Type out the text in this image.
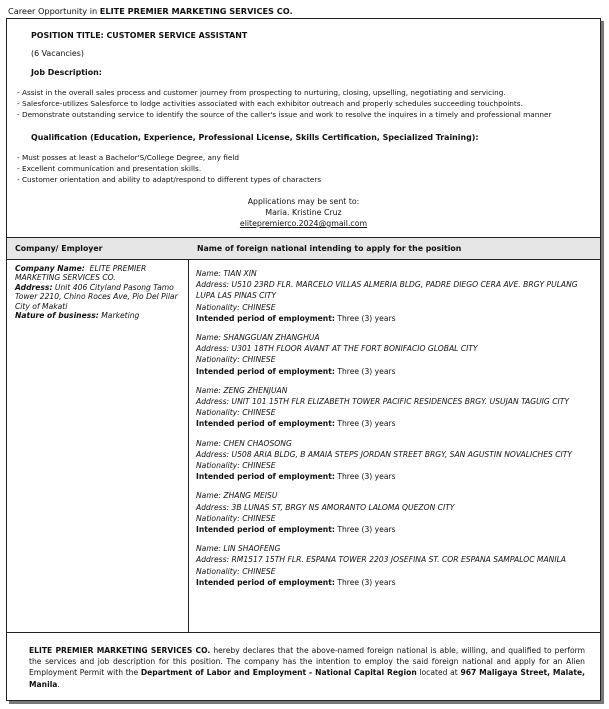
Career Opportunity in ELITE PREMIER MARKETING SERVICES CO.
POSITION TITLE: CUSTOMER SERVICE ASSISTANT
(6 Vacancies)
Job Description:
- Assist in the overall sales process and customer journey from prospecting to nurturing, closing, upselling, negotiating and servicing.
- Salesforce-utilizes Salesforce to lodge activities associated with each exhibitor outreach and properly schedules succeeding touchpoints.
- Demonstrate outstanding service to identify the source of the caller's issue and work to resolve the inquires in a timely and professional manner
Qualification (Education, Experience, Professional License, Skills Certification, Specialized Training):
- Must posses at least a Bachelor'S/College Degree, any field
- Excellent communication and presentation skills.
- Customer orientation and ability to adapt/respond to different types of characters
Applications may be sent to:
Maria. Kristine Cruz
elitepremierco.2024@gmail.com
Company/ Employer	Name of foreign national intending to apply for the position
Company Name: ELITE PREMIER MARKETING SERVICES CO.
Address: Unit 406 Cityland Pasong Tamo Tower 2210, Chino Roces Ave, Pio Del Pilar City of Makati
Nature of business: Marketing
Name: TIAN XIN
Address: U510 23RD FLR. MARCELO VILLAS ALMERIA BLDG, PADRE DIEGO CERA AVE. BRGY PULANG LUPA LAS PINAS CITY
Nationality: CHINESE
Intended period of employment: Three (3) years
Name: SHANGGUAN ZHANGHUA
Address: U301 18TH FLOOR AVANT AT THE FORT BONIFACIO GLOBAL CITY
Nationality: CHINESE
Intended period of employment: Three (3) years
Name: ZENG ZHENJUAN
Address: UNIT 101 15TH FLR ELIZABETH TOWER PACIFIC RESIDENCES BRGY. USUJAN TAGUIG CITY
Nationality: CHINESE
Intended period of employment: Three (3) years
Name: CHEN CHAOSONG
Address: U508 ARIA BLDG, B AMAIA STEPS JORDAN STREET BRGY, SAN AGUSTIN NOVALICHES CITY
Nationality: CHINESE
Intended period of employment: Three (3) years
Name: ZHANG MEISU
Address: 3B LUNAS ST, BRGY NS AMORANTO LALOMA QUEZON CITY
Nationality: CHINESE
Intended period of employment: Three (3) years
Name: LIN SHAOFENG
Address: RM1517 15TH FLR. ESPANA TOWER 2203 JOSEFINA ST. COR ESPANA SAMPALOC MANILA
Nationality: CHINESE
Intended period of employment: Three (3) years
ELITE PREMIER MARKETING SERVICES CO. hereby declares that the above-named foreign national is able, willing, and qualified to perform the services and job description for this position. The company has the intention to employ the said foreign national and apply for an Alien Employment Permit with the Department of Labor and Employment - National Capital Region located at 967 Maligaya Street, Malate, Manila.
